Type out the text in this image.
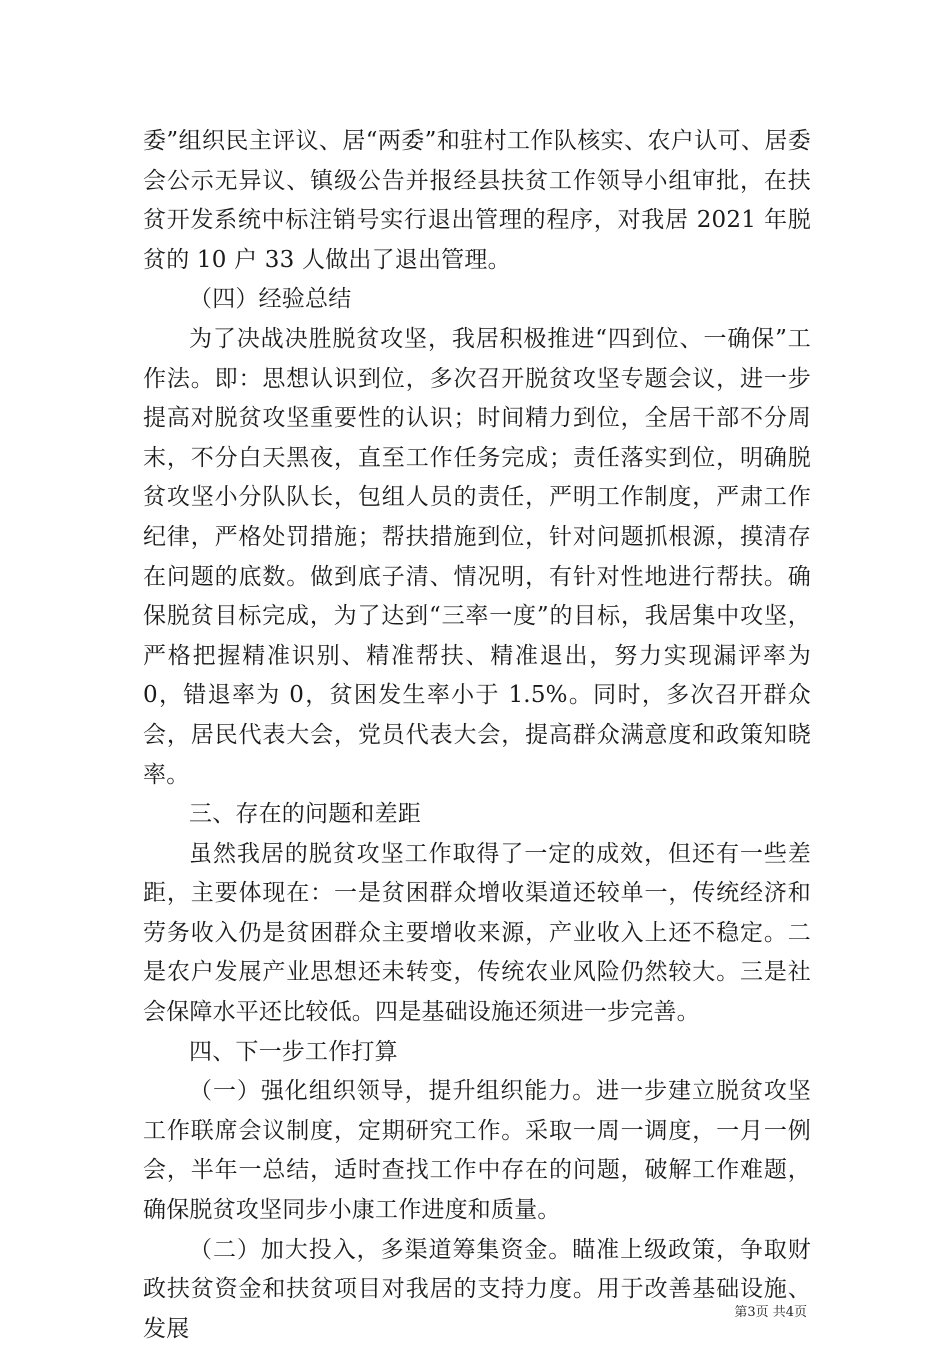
委”组织民主评议、居“两委”和驻村工作队核实、农户认可、居委会公示无异议、镇级公告并报经县扶贫工作领导小组审批，在扶贫开发系统中标注销号实行退出管理的程序，对我居 2021 年脱贫的 10 户 33 人做出了退出管理。

（四）经验总结

为了决战决胜脱贫攻坚，我居积极推进“四到位、一确保”工作法。即：思想认识到位，多次召开脱贫攻坚专题会议，进一步提高对脱贫攻坚重要性的认识；时间精力到位，全居干部不分周末，不分白天黑夜，直至工作任务完成；责任落实到位，明确脱贫攻坚小分队队长，包组人员的责任，严明工作制度，严肃工作纪律，严格处罚措施；帮扶措施到位，针对问题抓根源，摸清存在问题的底数。做到底子清、情况明，有针对性地进行帮扶。确保脱贫目标完成，为了达到“三率一度”的目标，我居集中攻坚，严格把握精准识别、精准帮扶、精准退出，努力实现漏评率为 0，错退率为 0，贫困发生率小于 1.5%。同时，多次召开群众会，居民代表大会，党员代表大会，提高群众满意度和政策知晓率。

三、存在的问题和差距

虽然我居的脱贫攻坚工作取得了一定的成效，但还有一些差距，主要体现在：一是贫困群众增收渠道还较单一，传统经济和劳务收入仍是贫困群众主要增收来源，产业收入上还不稳定。二是农户发展产业思想还未转变，传统农业风险仍然较大。三是社会保障水平还比较低。四是基础设施还须进一步完善。

四、下一步工作打算

（一）强化组织领导，提升组织能力。进一步建立脱贫攻坚工作联席会议制度，定期研究工作。采取一周一调度，一月一例会，半年一总结，适时查找工作中存在的问题，破解工作难题，确保脱贫攻坚同步小康工作进度和质量。

（二）加大投入，多渠道筹集资金。瞄准上级政策，争取财政扶贫资金和扶贫项目对我居的支持力度。用于改善基础设施、发展

第3页 共4页
